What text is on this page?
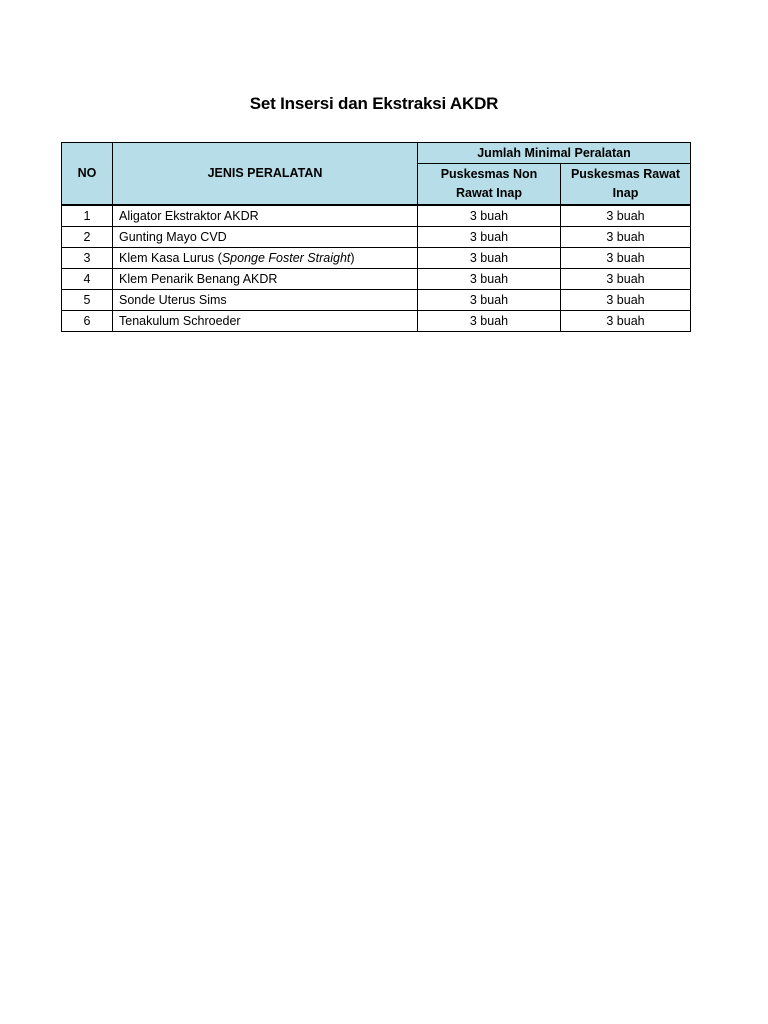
Set Insersi dan Ekstraksi AKDR
NO	JENIS PERALATAN	Jumlah Minimal Peralatan	
		Puskesmas Non Rawat Inap	Puskesmas Rawat Inap
1	Aligator Ekstraktor AKDR	3 buah	3 buah
2	Gunting Mayo CVD	3 buah	3 buah
3	Klem Kasa Lurus (Sponge Foster Straight)	3 buah	3 buah
4	Klem Penarik Benang AKDR	3 buah	3 buah
5	Sonde Uterus Sims	3 buah	3 buah
6	Tenakulum Schroeder	3 buah	3 buah
